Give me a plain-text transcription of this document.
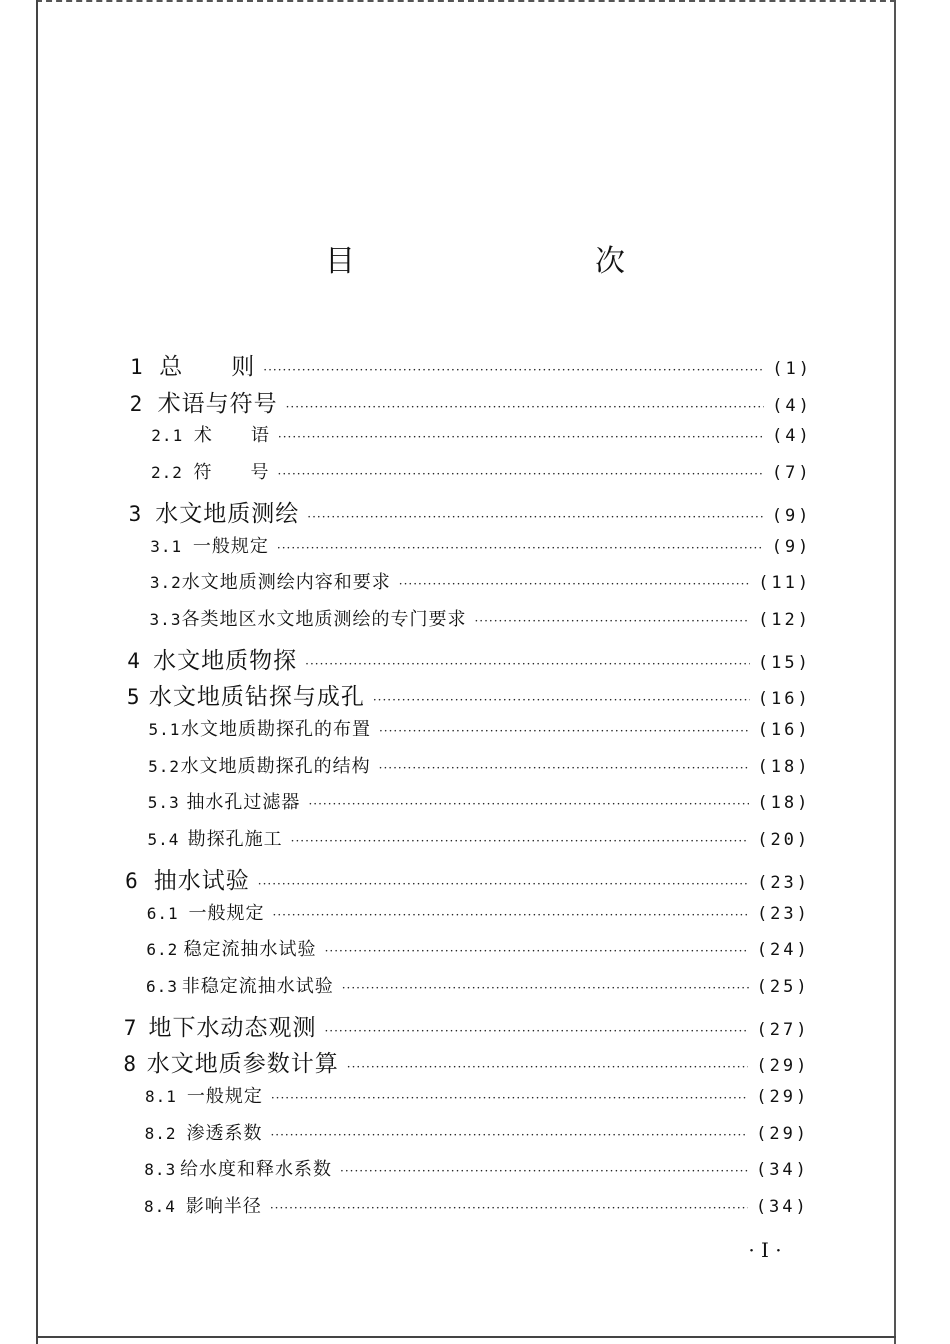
目　　次
1 总　　则 ·····	(1)
2 术语与符号 ·····	(4)
2.1 术　　语 ·····	(4)
2.2 符　　号 ·····	(7)
3 水文地质测绘 ·····	(9)
3.1 一般规定 ·····	(9)
3.2 水文地质测绘内容和要求 ·····	(11)
3.3 各类地区水文地质测绘的专门要求 ·····	(12)
4 水文地质物探 ·····	(15)
5 水文地质钻探与成孔 ·····	(16)
5.1 水文地质勘探孔的布置 ·····	(16)
5.2 水文地质勘探孔的结构 ·····	(18)
5.3 抽水孔过滤器 ·····	(18)
5.4 勘探孔施工 ·····	(20)
6 抽水试验 ·····	(23)
6.1 一般规定 ·····	(23)
6.2 稳定流抽水试验 ·····	(24)
6.3 非稳定流抽水试验 ·····	(25)
7 地下水动态观测 ·····	(27)
8 水文地质参数计算 ·····	(29)
8.1 一般规定 ·····	(29)
8.2 渗透系数 ·····	(29)
8.3 给水度和释水系数 ·····	(34)
8.4 影响半径 ·····	(34)
· I ·
